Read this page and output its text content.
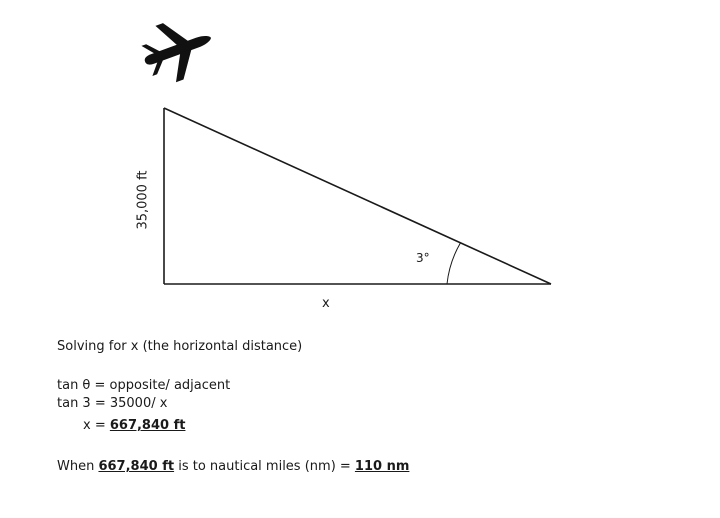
35,000 ft
3°
x
Solving for x (the horizontal distance)
tan θ = opposite/ adjacent
tan 3 = 35000/ x
x = 667,840 ft
When 667,840 ft is to nautical miles (nm) = 110 nm
